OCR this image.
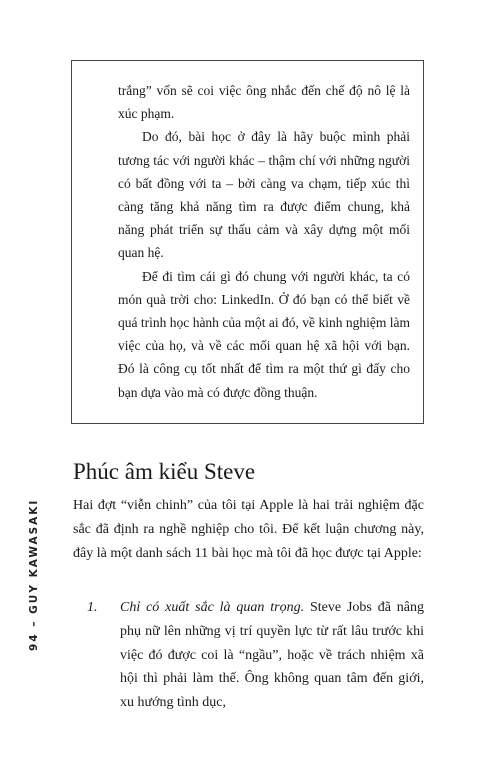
trắng” vốn sẽ coi việc ông nhắc đến chế độ nô lệ là xúc phạm.

Do đó, bài học ở đây là hãy buộc mình phải tương tác với người khác – thậm chí với những người có bất đồng với ta – bởi càng va chạm, tiếp xúc thì càng tăng khả năng tìm ra được điểm chung, khả năng phát triển sự thấu cảm và xây dựng một mối quan hệ.

Để đi tìm cái gì đó chung với người khác, ta có món quà trời cho: LinkedIn. Ở đó bạn có thể biết về quá trình học hành của một ai đó, về kinh nghiệm làm việc của họ, và về các mối quan hệ xã hội với bạn. Đó là công cụ tốt nhất để tìm ra một thứ gì đấy cho bạn dựa vào mà có được đồng thuận.

Phúc âm kiểu Steve

Hai đợt “viễn chinh” của tôi tại Apple là hai trải nghiệm đặc sắc đã định ra nghề nghiệp cho tôi. Để kết luận chương này, đây là một danh sách 11 bài học mà tôi đã học được tại Apple:

1. Chỉ có xuất sắc là quan trọng. Steve Jobs đã nâng phụ nữ lên những vị trí quyền lực từ rất lâu trước khi việc đó được coi là “ngầu”, hoặc về trách nhiệm xã hội thì phải làm thế. Ông không quan tâm đến giới, xu hướng tình dục,
94 – GUY KAWASAKI
